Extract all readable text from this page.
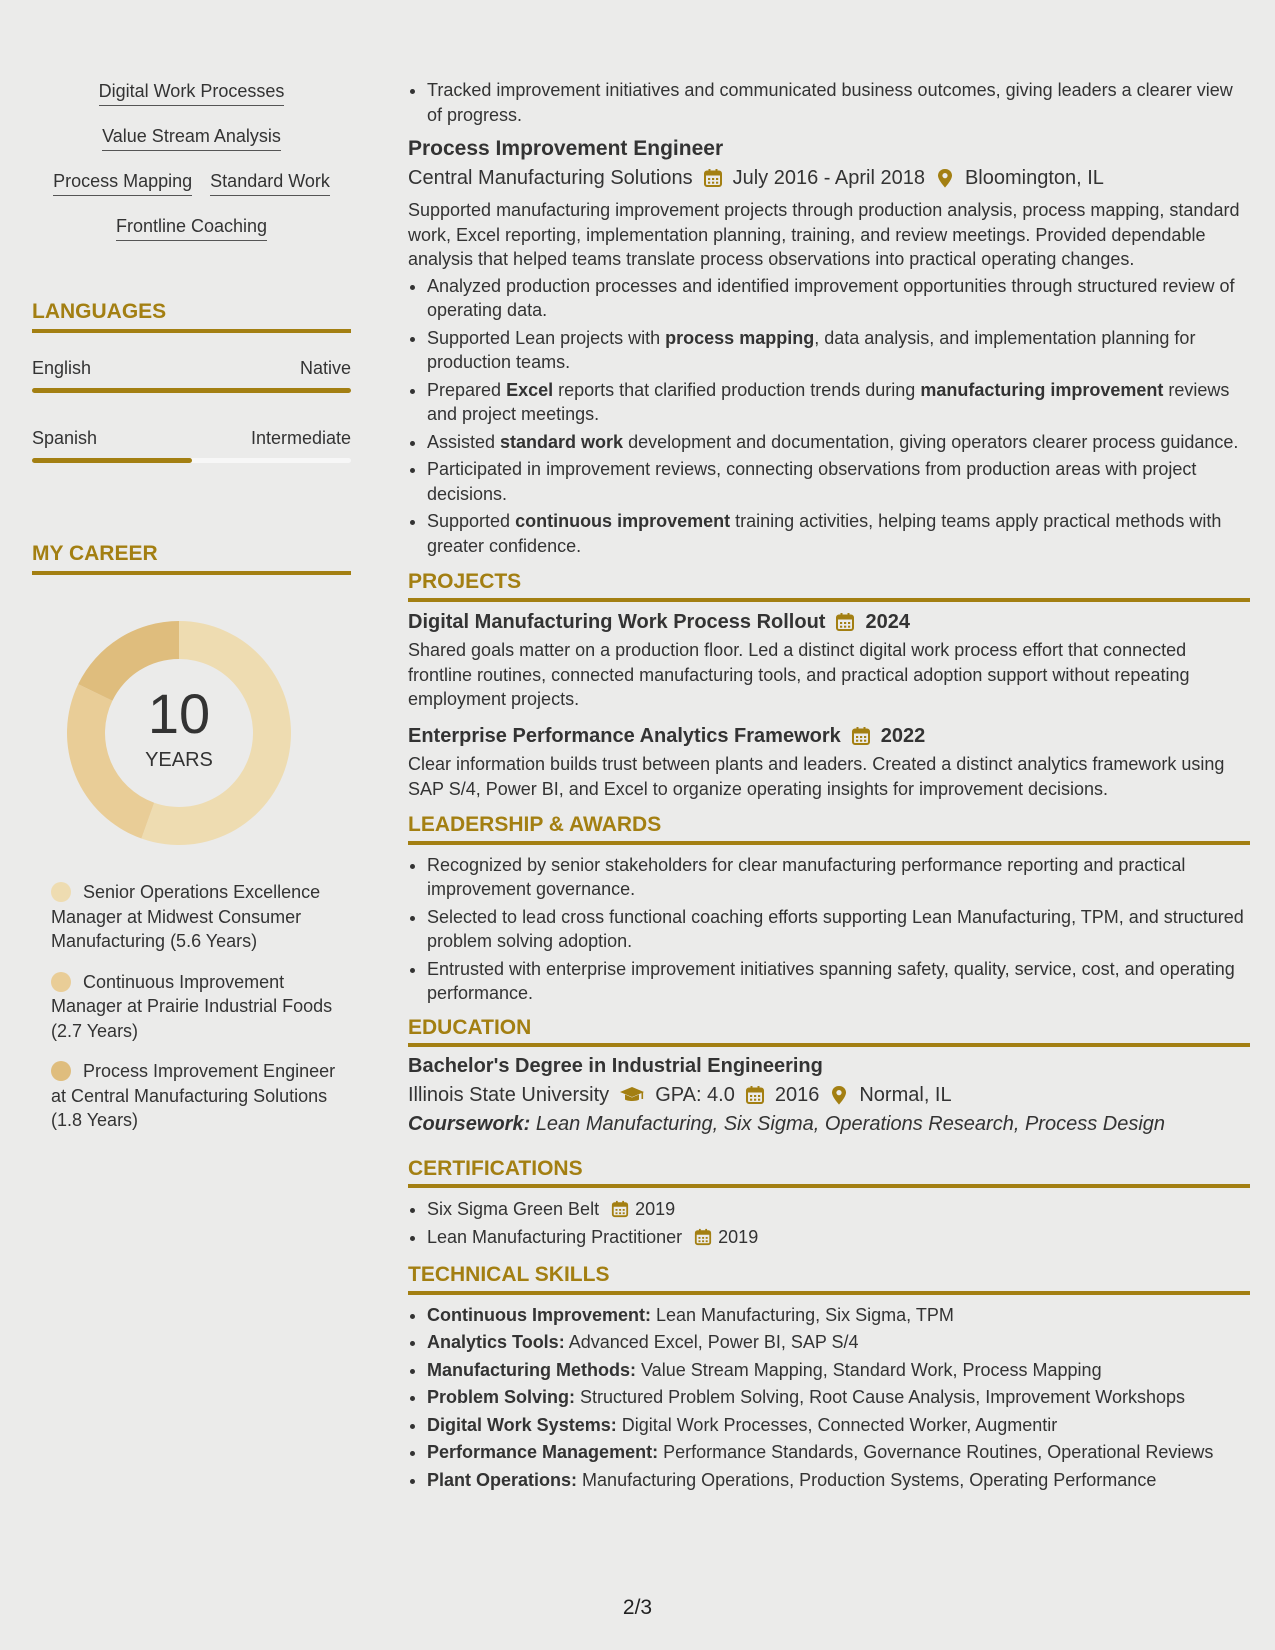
Digital Work Processes
Value Stream Analysis
Process Mapping Standard Work
Frontline Coaching
LANGUAGES
English	Native
Spanish	Intermediate
MY CAREER
10
YEARS
Senior Operations Excellence Manager at Midwest Consumer Manufacturing (5.6 Years)
Continuous Improvement Manager at Prairie Industrial Foods (2.7 Years)
Process Improvement Engineer at Central Manufacturing Solutions (1.8 Years)
• Tracked improvement initiatives and communicated business outcomes, giving leaders a clearer view of progress.
Process Improvement Engineer
Central Manufacturing Solutions July 2016 - April 2018 Bloomington, IL
Supported manufacturing improvement projects through production analysis, process mapping, standard work, Excel reporting, implementation planning, training, and review meetings. Provided dependable analysis that helped teams translate process observations into practical operating changes.
• Analyzed production processes and identified improvement opportunities through structured review of operating data.
• Supported Lean projects with process mapping, data analysis, and implementation planning for production teams.
• Prepared Excel reports that clarified production trends during manufacturing improvement reviews and project meetings.
• Assisted standard work development and documentation, giving operators clearer process guidance.
• Participated in improvement reviews, connecting observations from production areas with project decisions.
• Supported continuous improvement training activities, helping teams apply practical methods with greater confidence.
PROJECTS
Digital Manufacturing Work Process Rollout 2024
Shared goals matter on a production floor. Led a distinct digital work process effort that connected frontline routines, connected manufacturing tools, and practical adoption support without repeating employment projects.
Enterprise Performance Analytics Framework 2022
Clear information builds trust between plants and leaders. Created a distinct analytics framework using SAP S/4, Power BI, and Excel to organize operating insights for improvement decisions.
LEADERSHIP & AWARDS
• Recognized by senior stakeholders for clear manufacturing performance reporting and practical improvement governance.
• Selected to lead cross functional coaching efforts supporting Lean Manufacturing, TPM, and structured problem solving adoption.
• Entrusted with enterprise improvement initiatives spanning safety, quality, service, cost, and operating performance.
EDUCATION
Bachelor's Degree in Industrial Engineering
Illinois State University GPA: 4.0 2016 Normal, IL
Coursework: Lean Manufacturing, Six Sigma, Operations Research, Process Design
CERTIFICATIONS
• Six Sigma Green Belt 2019
• Lean Manufacturing Practitioner 2019
TECHNICAL SKILLS
• Continuous Improvement: Lean Manufacturing, Six Sigma, TPM
• Analytics Tools: Advanced Excel, Power BI, SAP S/4
• Manufacturing Methods: Value Stream Mapping, Standard Work, Process Mapping
• Problem Solving: Structured Problem Solving, Root Cause Analysis, Improvement Workshops
• Digital Work Systems: Digital Work Processes, Connected Worker, Augmentir
• Performance Management: Performance Standards, Governance Routines, Operational Reviews
• Plant Operations: Manufacturing Operations, Production Systems, Operating Performance
2/3
